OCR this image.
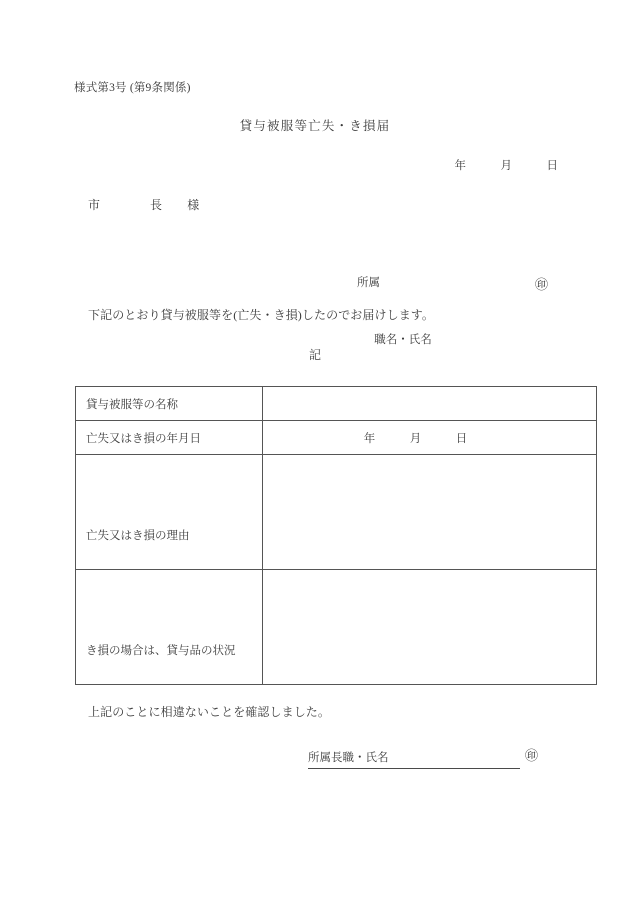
様式第3号 (第9条関係)
貸与被服等亡失・き損届
年　　　月　　　日
市　　　　長　　様

所属

職名・氏名

㊞

下記のとおり貸与被服等を(亡失・き損)したのでお届けします。
記
貸与被服等の名称	
亡失又はき損の年月日	年　　　月　　　日

亡失又はき損の理由	
き損の場合は、貸与品の状況	
上記のことに相違ないことを確認しました。
所属長職・氏名	㊞
